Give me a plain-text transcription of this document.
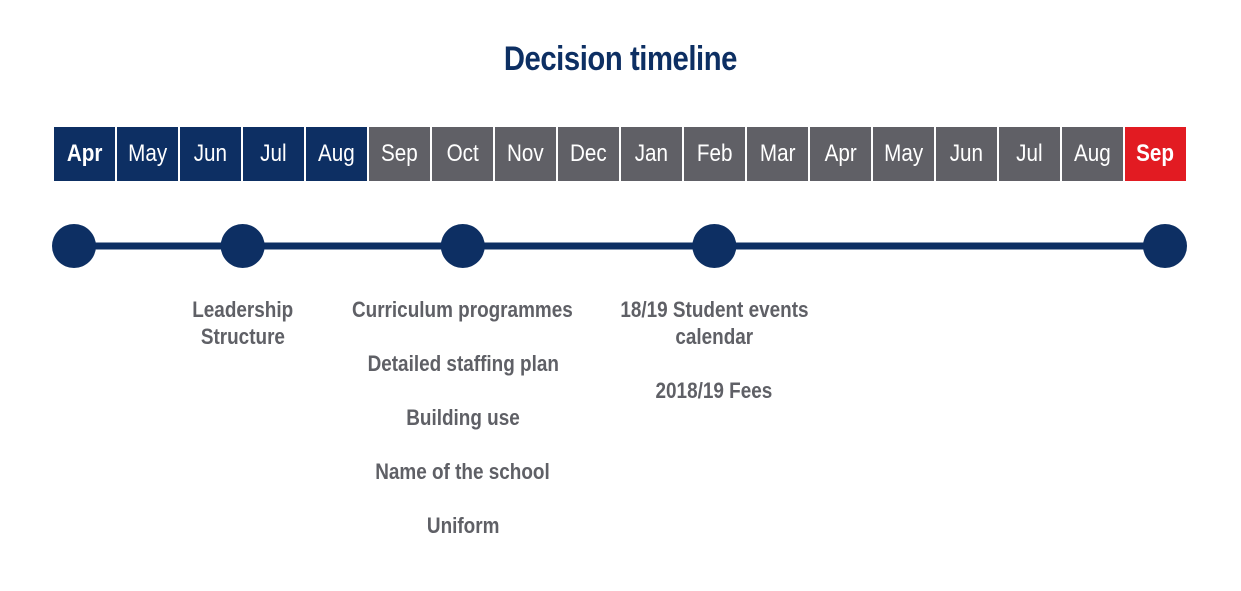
Decision timeline
Apr May Jun Jul Aug Sep Oct Nov Dec Jan Feb Mar Apr May Jun Jul Aug Sep
Leadership
Structure
Curriculum programmes
Detailed staffing plan
Building use
Name of the school
Uniform
18/19 Student events
calendar
2018/19 Fees
